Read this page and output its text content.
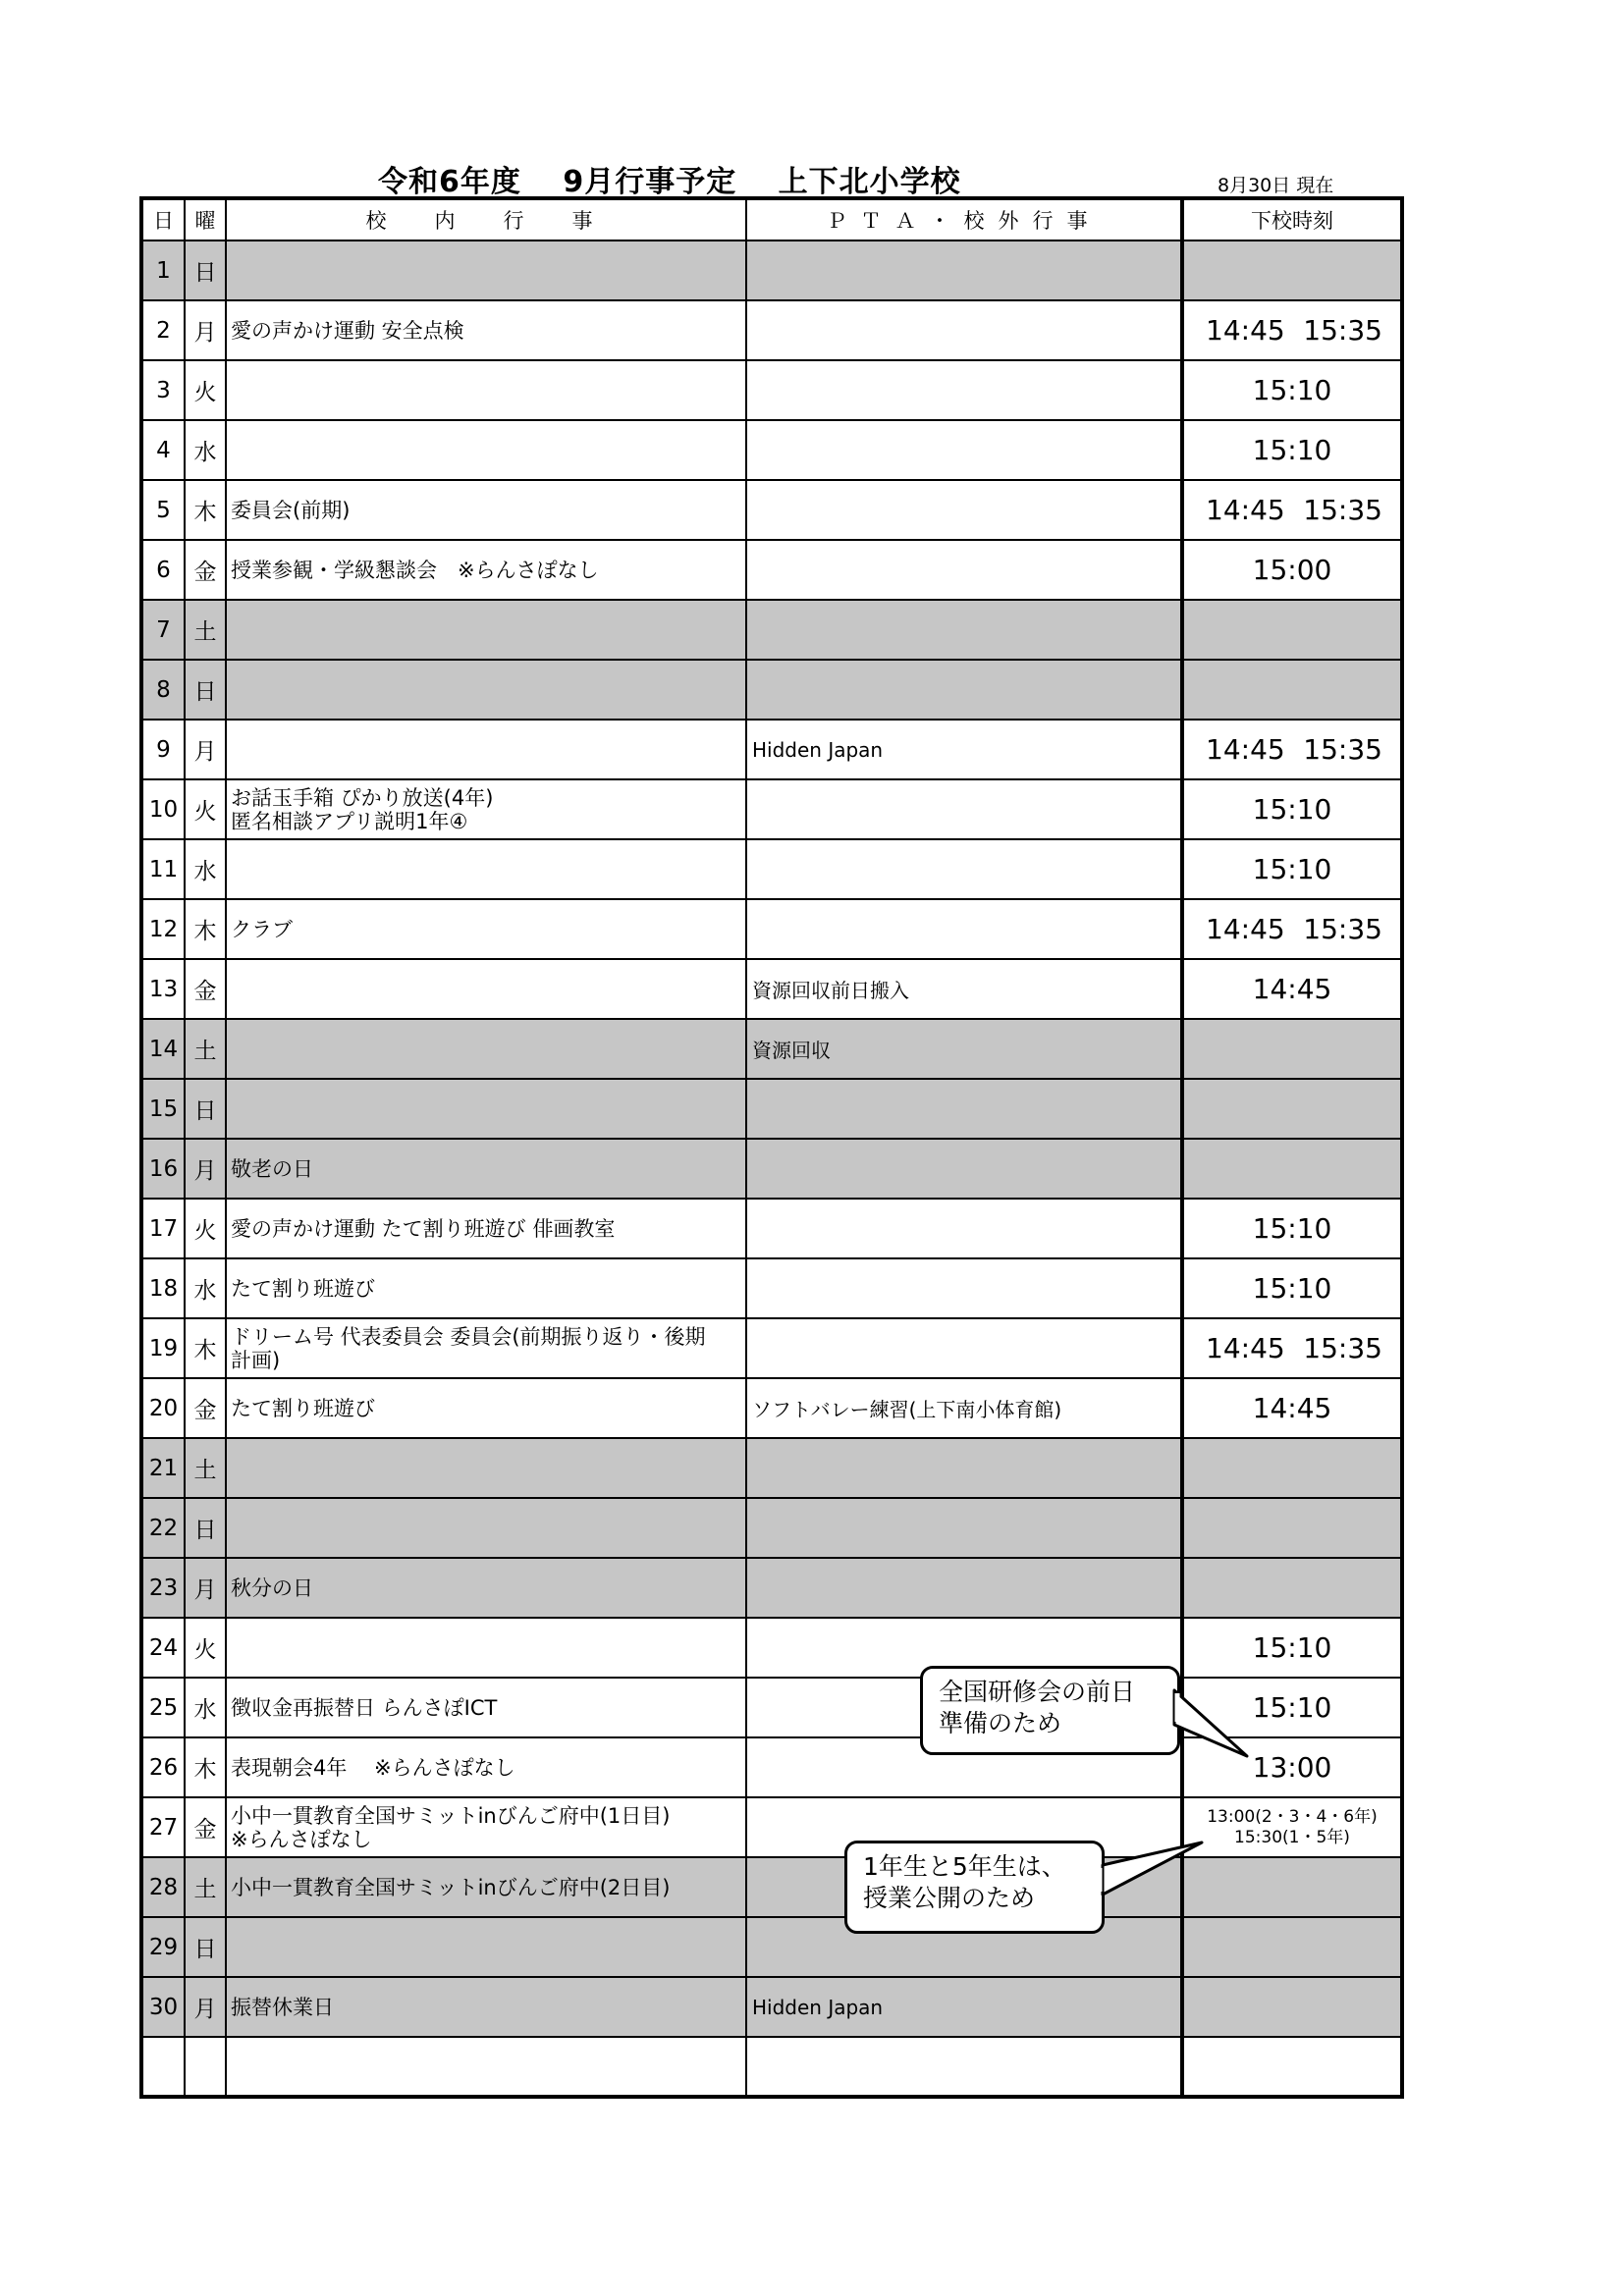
令和6年度　 9月行事予定　 上下北小学校	8月30日 現在
日	曜	校　内　行　事	ＰＴＡ・校外行事	下校時刻
1	日			
2	月	愛の声かけ運動 安全点検		14:45 15:35

3	火			15:10

4	水			15:10

5	木	委員会(前期)		14:45 15:35

6	金	授業参観・学級懇談会　※らんさぽなし		15:00

7	土			
8	日			
9	月		Hidden Japan	14:45 15:35

10	火	お話玉手箱 ぴかり放送(4年)
匿名相談アプリ説明1年④		15:10

11	水			15:10

12	木	クラブ		14:45 15:35

13	金		資源回収前日搬入	14:45

14	土		資源回収	
15	日			
16	月	敬老の日		

17	火	愛の声かけ運動 たて割り班遊び 俳画教室		15:10

18	水	たて割り班遊び		15:10

19	木	ドリーム号 代表委員会 委員会(前期振り返り・後期
計画)		14:45 15:35

20	金	たて割り班遊び	ソフトバレー練習(上下南小体育館)	14:45

21	土			
22	日			
23	月	秋分の日		

24	火			15:10

25	水	徴収金再振替日 らんさぽICT		15:10

26	木	表現朝会4年　 ※らんさぽなし		13:00

27	金	小中一貫教育全国サミットinびんご府中(1日目)
※らんさぽなし		13:00(2・3・4・6年)
15:30(1・5年)

28	土	小中一貫教育全国サミットinびんご府中(2日目)		

29	日			
30	月	振替休業日	Hidden Japan	

全国研修会の前日
準備のため
1年生と5年生は、
授業公開のため
